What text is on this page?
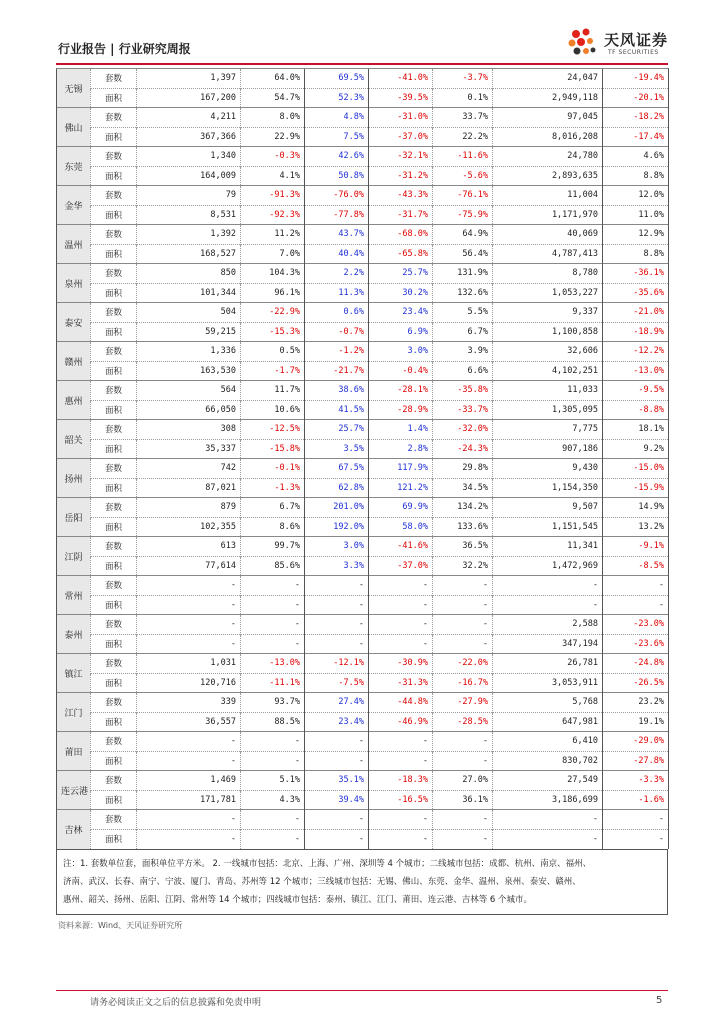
行业报告 | 行业研究周报	天风证券
TF SECURITIES
无锡	套数	1,397	64.0%	69.5%	-41.0%	-3.7%	24,047	-19.4%
	面积	167,200	54.7%	52.3%	-39.5%	0.1%	2,949,118	-20.1%
佛山	套数	4,211	8.0%	4.8%	-31.0%	33.7%	97,045	-18.2%
	面积	367,366	22.9%	7.5%	-37.0%	22.2%	8,016,208	-17.4%
东莞	套数	1,340	-0.3%	42.6%	-32.1%	-11.6%	24,780	4.6%
	面积	164,009	4.1%	50.8%	-31.2%	-5.6%	2,893,635	8.8%
金华	套数	79	-91.3%	-76.0%	-43.3%	-76.1%	11,004	12.0%
	面积	8,531	-92.3%	-77.8%	-31.7%	-75.9%	1,171,970	11.0%
温州	套数	1,392	11.2%	43.7%	-68.0%	64.9%	40,069	12.9%
	面积	168,527	7.0%	40.4%	-65.8%	56.4%	4,787,413	8.8%
泉州	套数	850	104.3%	2.2%	25.7%	131.9%	8,780	-36.1%
	面积	101,344	96.1%	11.3%	30.2%	132.6%	1,053,227	-35.6%
泰安	套数	504	-22.9%	0.6%	23.4%	5.5%	9,337	-21.0%
	面积	59,215	-15.3%	-0.7%	6.9%	6.7%	1,100,858	-18.9%
赣州	套数	1,336	0.5%	-1.2%	3.0%	3.9%	32,606	-12.2%
	面积	163,530	-1.7%	-21.7%	-0.4%	6.6%	4,102,251	-13.0%
惠州	套数	564	11.7%	38.6%	-28.1%	-35.8%	11,033	-9.5%
	面积	66,050	10.6%	41.5%	-28.9%	-33.7%	1,305,095	-8.8%
韶关	套数	308	-12.5%	25.7%	1.4%	-32.0%	7,775	18.1%
	面积	35,337	-15.8%	3.5%	2.8%	-24.3%	907,186	9.2%
扬州	套数	742	-0.1%	67.5%	117.9%	29.8%	9,430	-15.0%
	面积	87,021	-1.3%	62.8%	121.2%	34.5%	1,154,350	-15.9%
岳阳	套数	879	6.7%	201.0%	69.9%	134.2%	9,507	14.9%
	面积	102,355	8.6%	192.0%	58.0%	133.6%	1,151,545	13.2%
江阴	套数	613	99.7%	3.0%	-41.6%	36.5%	11,341	-9.1%
	面积	77,614	85.6%	3.3%	-37.0%	32.2%	1,472,969	-8.5%
常州	套数	-	-	-	-	-	-	-
	面积	-	-	-	-	-	-	-
泰州	套数	-	-	-	-	-	2,588	-23.0%
	面积	-	-	-	-	-	347,194	-23.6%
镇江	套数	1,031	-13.0%	-12.1%	-30.9%	-22.0%	26,781	-24.8%
	面积	120,716	-11.1%	-7.5%	-31.3%	-16.7%	3,053,911	-26.5%
江门	套数	339	93.7%	27.4%	-44.8%	-27.9%	5,768	23.2%
	面积	36,557	88.5%	23.4%	-46.9%	-28.5%	647,981	19.1%
莆田	套数	-	-	-	-	-	6,410	-29.0%
	面积	-	-	-	-	-	830,702	-27.8%
连云港	套数	1,469	5.1%	35.1%	-18.3%	27.0%	27,549	-3.3%
	面积	171,781	4.3%	39.4%	-16.5%	36.1%	3,186,699	-1.6%
吉林	套数	-	-	-	-	-	-	-
	面积	-	-	-	-	-	-	-
注：1. 套数单位套，面积单位平方米。 2. 一线城市包括：北京、上海、广州、深圳等 4 个城市；二线城市包括：成都、杭州、南京、福州、
济南、武汉、长春、南宁、宁波、厦门、青岛、苏州等 12 个城市；三线城市包括：无锡、佛山、东莞、金华、温州、泉州、泰安、赣州、
惠州、韶关、扬州、岳阳、江阴、常州等 14 个城市；四线城市包括：泰州、镇江、江门、莆田、连云港、吉林等 6 个城市。
资料来源：Wind、天风证券研究所
请务必阅读正文之后的信息披露和免责申明	5
